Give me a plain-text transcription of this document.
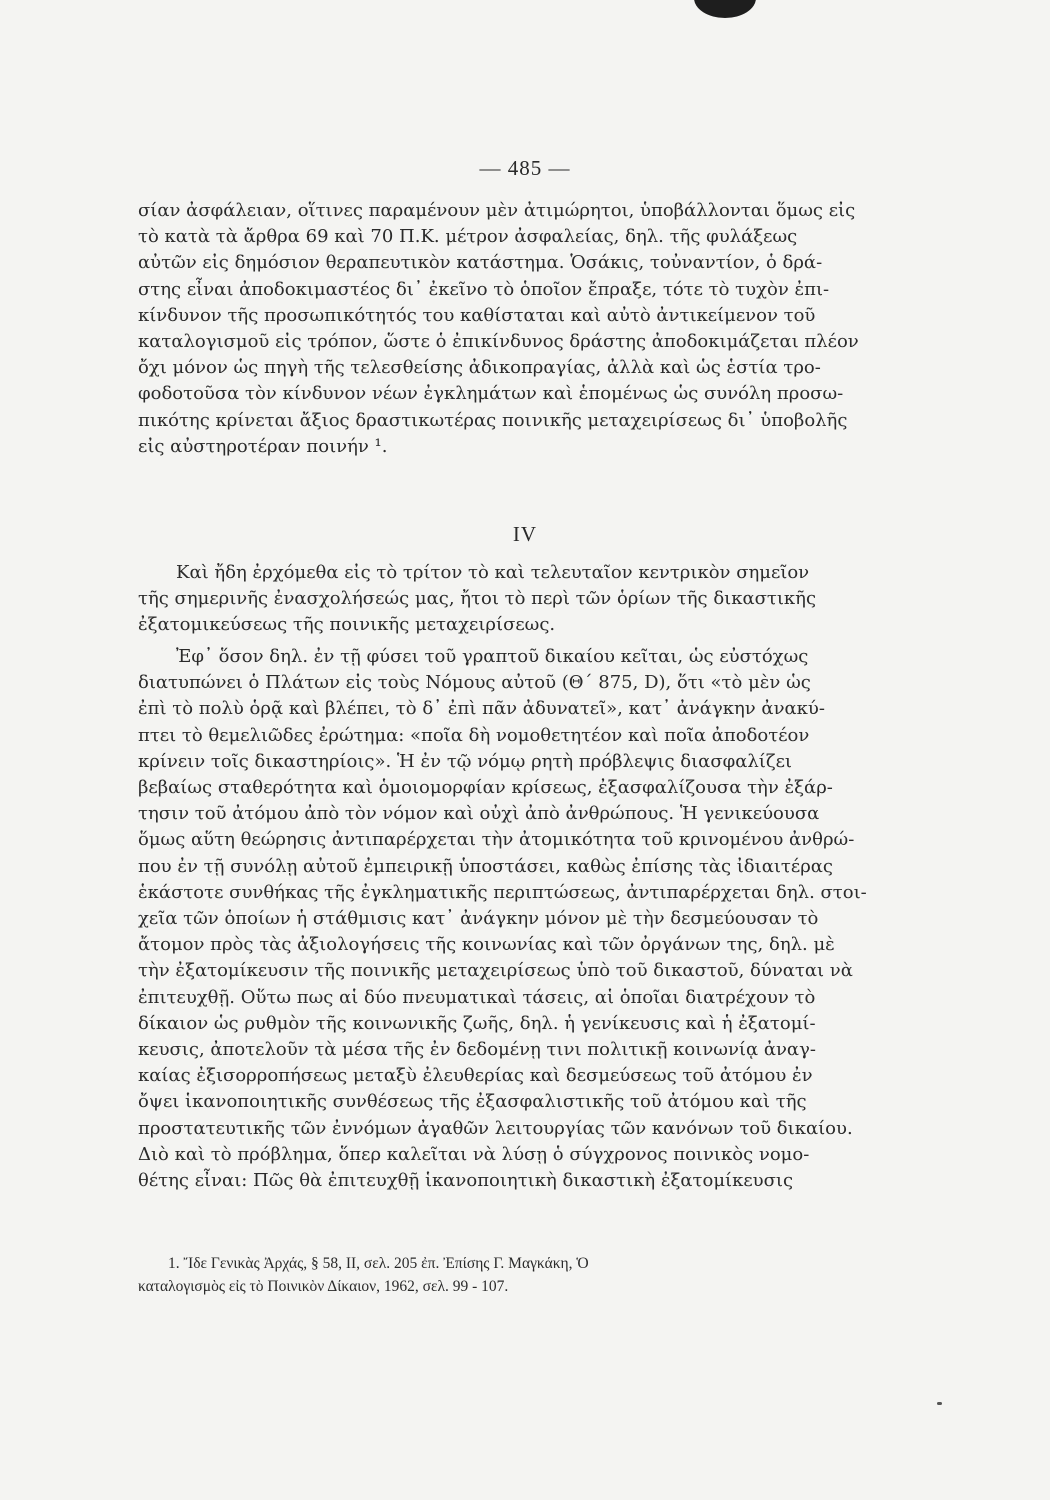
— 485 —
σίαν ἀσφάλειαν, οἵτινες παραμένουν μὲν ἀτιμώρητοι, ὑποβάλλονται ὅμως εἰς
τὸ κατὰ τὰ ἄρθρα 69 καὶ 70 Π.Κ. μέτρον ἀσφαλείας, δηλ. τῆς φυλάξεως
αὐτῶν εἰς δημόσιον θεραπευτικὸν κατάστημα. Ὁσάκις, τοὐναντίον, ὁ δρά-
στης εἶναι ἀποδοκιμαστέος δι᾽ ἐκεῖνο τὸ ὁποῖον ἔπραξε, τότε τὸ τυχὸν ἐπι-
κίνδυνον τῆς προσωπικότητός του καθίσταται καὶ αὐτὸ ἀντικείμενον τοῦ
καταλογισμοῦ εἰς τρόπον, ὥστε ὁ ἐπικίνδυνος δράστης ἀποδοκιμάζεται πλέον
ὄχι μόνον ὡς πηγὴ τῆς τελεσθείσης ἀδικοπραγίας, ἀλλὰ καὶ ὡς ἑστία τρο-
φοδοτοῦσα τὸν κίνδυνον νέων ἐγκλημάτων καὶ ἑπομένως ὡς συνόλη προσω-
πικότης κρίνεται ἄξιος δραστικωτέρας ποινικῆς μεταχειρίσεως δι᾽ ὑποβολῆς
εἰς αὐστηροτέραν ποινήν ¹.
IV
Καὶ ἤδη ἐρχόμεθα εἰς τὸ τρίτον τὸ καὶ τελευταῖον κεντρικὸν σημεῖον
τῆς σημερινῆς ἐνασχολήσεώς μας, ἤτοι τὸ περὶ τῶν ὁρίων τῆς δικαστικῆς
ἐξατομικεύσεως τῆς ποινικῆς μεταχειρίσεως.
Ἐφ᾽ ὅσον δηλ. ἐν τῇ φύσει τοῦ γραπτοῦ δικαίου κεῖται, ὡς εὐστόχως
διατυπώνει ὁ Πλάτων εἰς τοὺς Νόμους αὐτοῦ (Θ΄ 875, D), ὅτι «τὸ μὲν ὡς
ἐπὶ τὸ πολὺ ὁρᾷ καὶ βλέπει, τὸ δ᾽ ἐπὶ πᾶν ἀδυνατεῖ», κατ᾽ ἀνάγκην ἀνακύ-
πτει τὸ θεμελιῶδες ἐρώτημα: «ποῖα δὴ νομοθετητέον καὶ ποῖα ἀποδοτέον
κρίνειν τοῖς δικαστηρίοις». Ἡ ἐν τῷ νόμῳ ρητὴ πρόβλεψις διασφαλίζει
βεβαίως σταθερότητα καὶ ὁμοιομορφίαν κρίσεως, ἐξασφαλίζουσα τὴν ἐξάρ-
τησιν τοῦ ἀτόμου ἀπὸ τὸν νόμον καὶ οὐχὶ ἀπὸ ἀνθρώπους. Ἡ γενικεύουσα
ὅμως αὕτη θεώρησις ἀντιπαρέρχεται τὴν ἀτομικότητα τοῦ κρινομένου ἀνθρώ-
που ἐν τῇ συνόλῃ αὐτοῦ ἐμπειρικῇ ὑποστάσει, καθὼς ἐπίσης τὰς ἰδιαιτέρας
ἑκάστοτε συνθήκας τῆς ἐγκληματικῆς περιπτώσεως, ἀντιπαρέρχεται δηλ. στοι-
χεῖα τῶν ὁποίων ἡ στάθμισις κατ᾽ ἀνάγκην μόνον μὲ τὴν δεσμεύουσαν τὸ
ἄτομον πρὸς τὰς ἀξιολογήσεις τῆς κοινωνίας καὶ τῶν ὀργάνων της, δηλ. μὲ
τὴν ἐξατομίκευσιν τῆς ποινικῆς μεταχειρίσεως ὑπὸ τοῦ δικαστοῦ, δύναται νὰ
ἐπιτευχθῇ. Οὕτω πως αἱ δύο πνευματικαὶ τάσεις, αἱ ὁποῖαι διατρέχουν τὸ
δίκαιον ὡς ρυθμὸν τῆς κοινωνικῆς ζωῆς, δηλ. ἡ γενίκευσις καὶ ἡ ἐξατομί-
κευσις, ἀποτελοῦν τὰ μέσα τῆς ἐν δεδομένῃ τινι πολιτικῇ κοινωνίᾳ ἀναγ-
καίας ἐξισορροπήσεως μεταξὺ ἐλευθερίας καὶ δεσμεύσεως τοῦ ἀτόμου ἐν
ὄψει ἱκανοποιητικῆς συνθέσεως τῆς ἐξασφαλιστικῆς τοῦ ἀτόμου καὶ τῆς
προστατευτικῆς τῶν ἐννόμων ἀγαθῶν λειτουργίας τῶν κανόνων τοῦ δικαίου.
Διὸ καὶ τὸ πρόβλημα, ὅπερ καλεῖται νὰ λύσῃ ὁ σύγχρονος ποινικὸς νομο-
θέτης εἶναι: Πῶς θὰ ἐπιτευχθῇ ἱκανοποιητικὴ δικαστικὴ ἐξατομίκευσις
1. Ἴδε Γενικὰς Ἀρχάς, § 58, II, σελ. 205 ἐπ. Ἐπίσης Γ. Μαγκάκη, Ὁ
καταλογισμὸς εἰς τὸ Ποινικὸν Δίκαιον, 1962, σελ. 99 - 107.
